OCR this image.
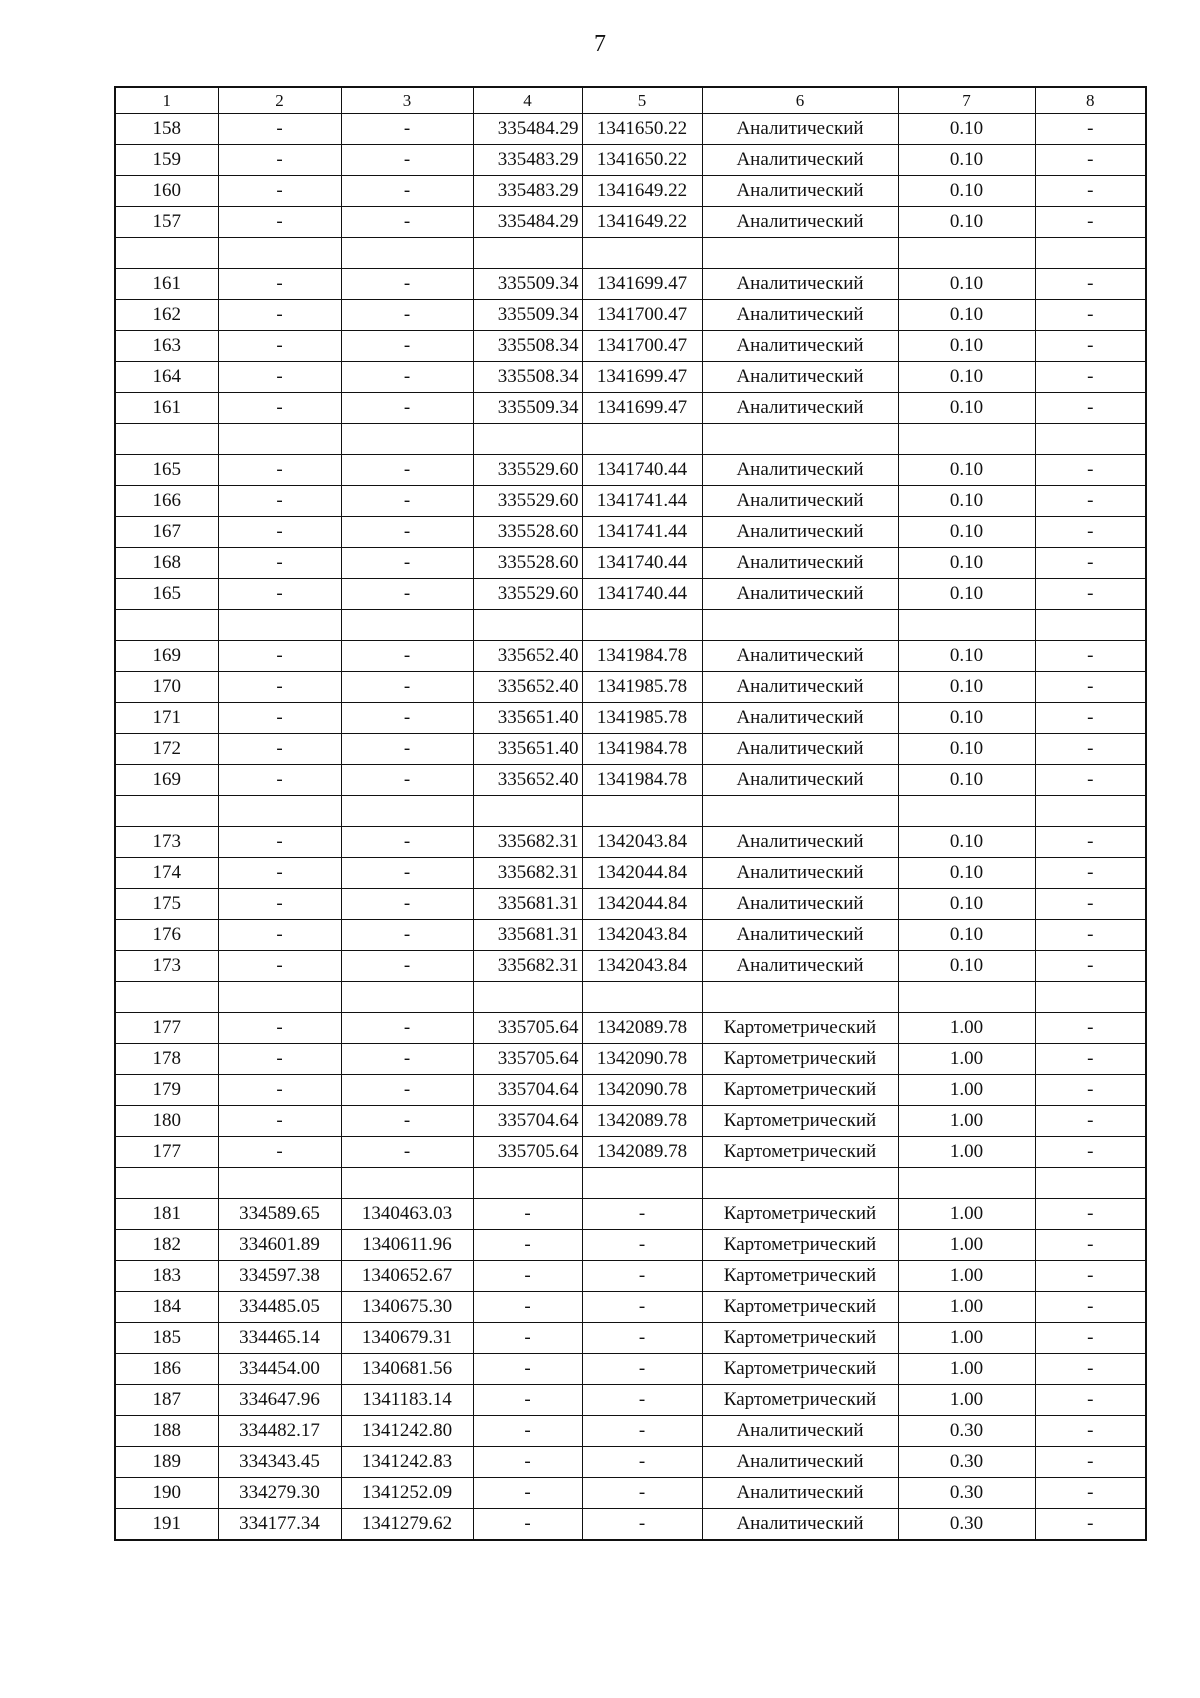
7
1	2	3	4	5	6	7	8
158	-	-	335484.29	1341650.22	Аналитический	0.10	-
159	-	-	335483.29	1341650.22	Аналитический	0.10	-
160	-	-	335483.29	1341649.22	Аналитический	0.10	-
157	-	-	335484.29	1341649.22	Аналитический	0.10	-

161	-	-	335509.34	1341699.47	Аналитический	0.10	-
162	-	-	335509.34	1341700.47	Аналитический	0.10	-
163	-	-	335508.34	1341700.47	Аналитический	0.10	-
164	-	-	335508.34	1341699.47	Аналитический	0.10	-
161	-	-	335509.34	1341699.47	Аналитический	0.10	-

165	-	-	335529.60	1341740.44	Аналитический	0.10	-
166	-	-	335529.60	1341741.44	Аналитический	0.10	-
167	-	-	335528.60	1341741.44	Аналитический	0.10	-
168	-	-	335528.60	1341740.44	Аналитический	0.10	-
165	-	-	335529.60	1341740.44	Аналитический	0.10	-

169	-	-	335652.40	1341984.78	Аналитический	0.10	-
170	-	-	335652.40	1341985.78	Аналитический	0.10	-
171	-	-	335651.40	1341985.78	Аналитический	0.10	-
172	-	-	335651.40	1341984.78	Аналитический	0.10	-
169	-	-	335652.40	1341984.78	Аналитический	0.10	-

173	-	-	335682.31	1342043.84	Аналитический	0.10	-
174	-	-	335682.31	1342044.84	Аналитический	0.10	-
175	-	-	335681.31	1342044.84	Аналитический	0.10	-
176	-	-	335681.31	1342043.84	Аналитический	0.10	-
173	-	-	335682.31	1342043.84	Аналитический	0.10	-

177	-	-	335705.64	1342089.78	Картометрический	1.00	-
178	-	-	335705.64	1342090.78	Картометрический	1.00	-
179	-	-	335704.64	1342090.78	Картометрический	1.00	-
180	-	-	335704.64	1342089.78	Картометрический	1.00	-
177	-	-	335705.64	1342089.78	Картометрический	1.00	-

181	334589.65	1340463.03	-	-	Картометрический	1.00	-
182	334601.89	1340611.96	-	-	Картометрический	1.00	-
183	334597.38	1340652.67	-	-	Картометрический	1.00	-
184	334485.05	1340675.30	-	-	Картометрический	1.00	-
185	334465.14	1340679.31	-	-	Картометрический	1.00	-
186	334454.00	1340681.56	-	-	Картометрический	1.00	-
187	334647.96	1341183.14	-	-	Картометрический	1.00	-
188	334482.17	1341242.80	-	-	Аналитический	0.30	-
189	334343.45	1341242.83	-	-	Аналитический	0.30	-
190	334279.30	1341252.09	-	-	Аналитический	0.30	-
191	334177.34	1341279.62	-	-	Аналитический	0.30	-
